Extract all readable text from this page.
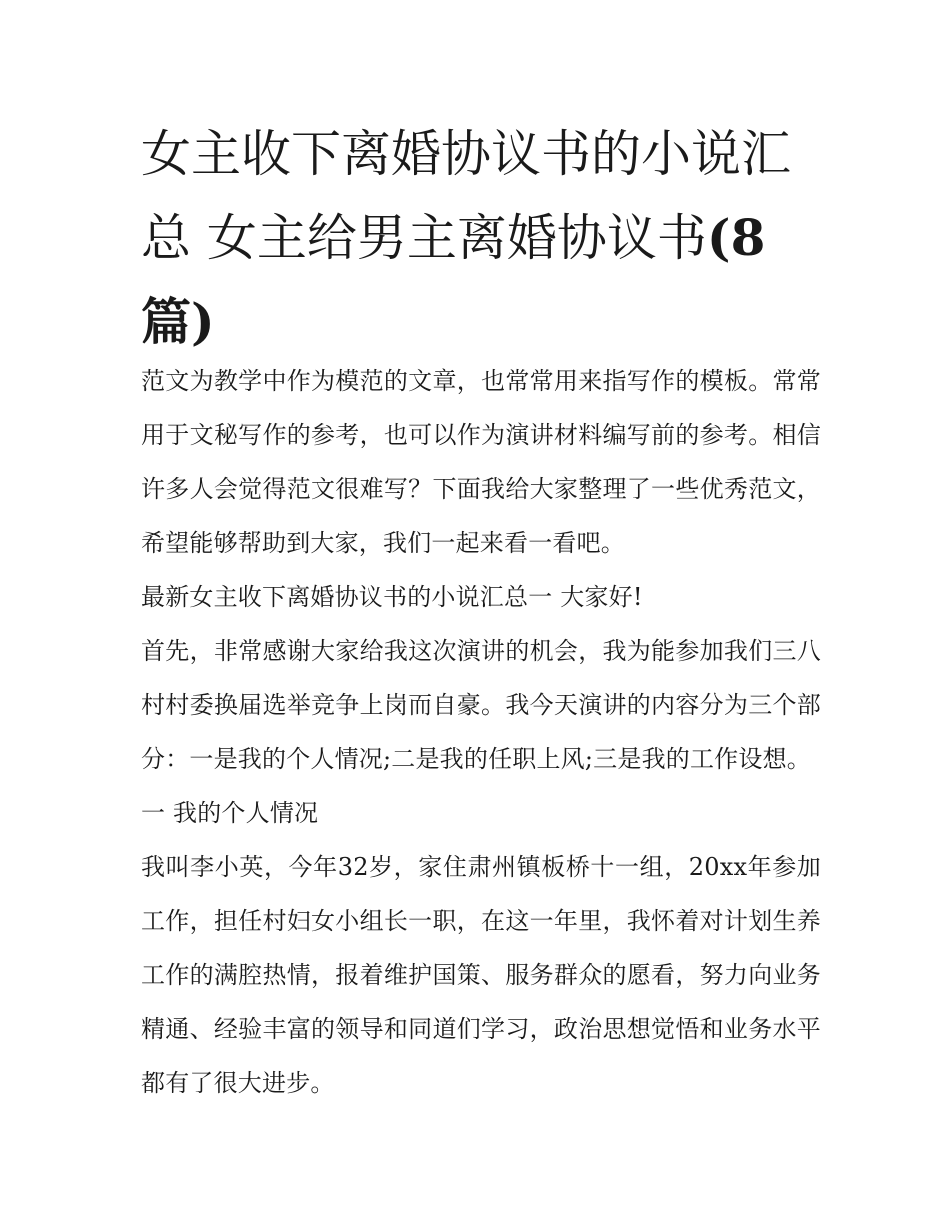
女主收下离婚协议书的小说汇总 女主给男主离婚协议书(8
篇)

范文为教学中作为模范的文章，也常常用来指写作的模板。常常用于文秘写作的参考，也可以作为演讲材料编写前的参考。相信许多人会觉得范文很难写？下面我给大家整理了一些优秀范文，希望能够帮助到大家，我们一起来看一看吧。

最新女主收下离婚协议书的小说汇总一 大家好!

首先，非常感谢大家给我这次演讲的机会，我为能参加我们三八村村委换届选举竞争上岗而自豪。我今天演讲的内容分为三个部分：一是我的个人情况;二是我的任职上风;三是我的工作设想。

一 我的个人情况

我叫李小英，今年32岁，家住肃州镇板桥十一组，20xx年参加工作，担任村妇女小组长一职，在这一年里，我怀着对计划生养工作的满腔热情，报着维护国策、服务群众的愿看，努力向业务精通、经验丰富的领导和同道们学习，政治思想觉悟和业务水平都有了很大进步。
